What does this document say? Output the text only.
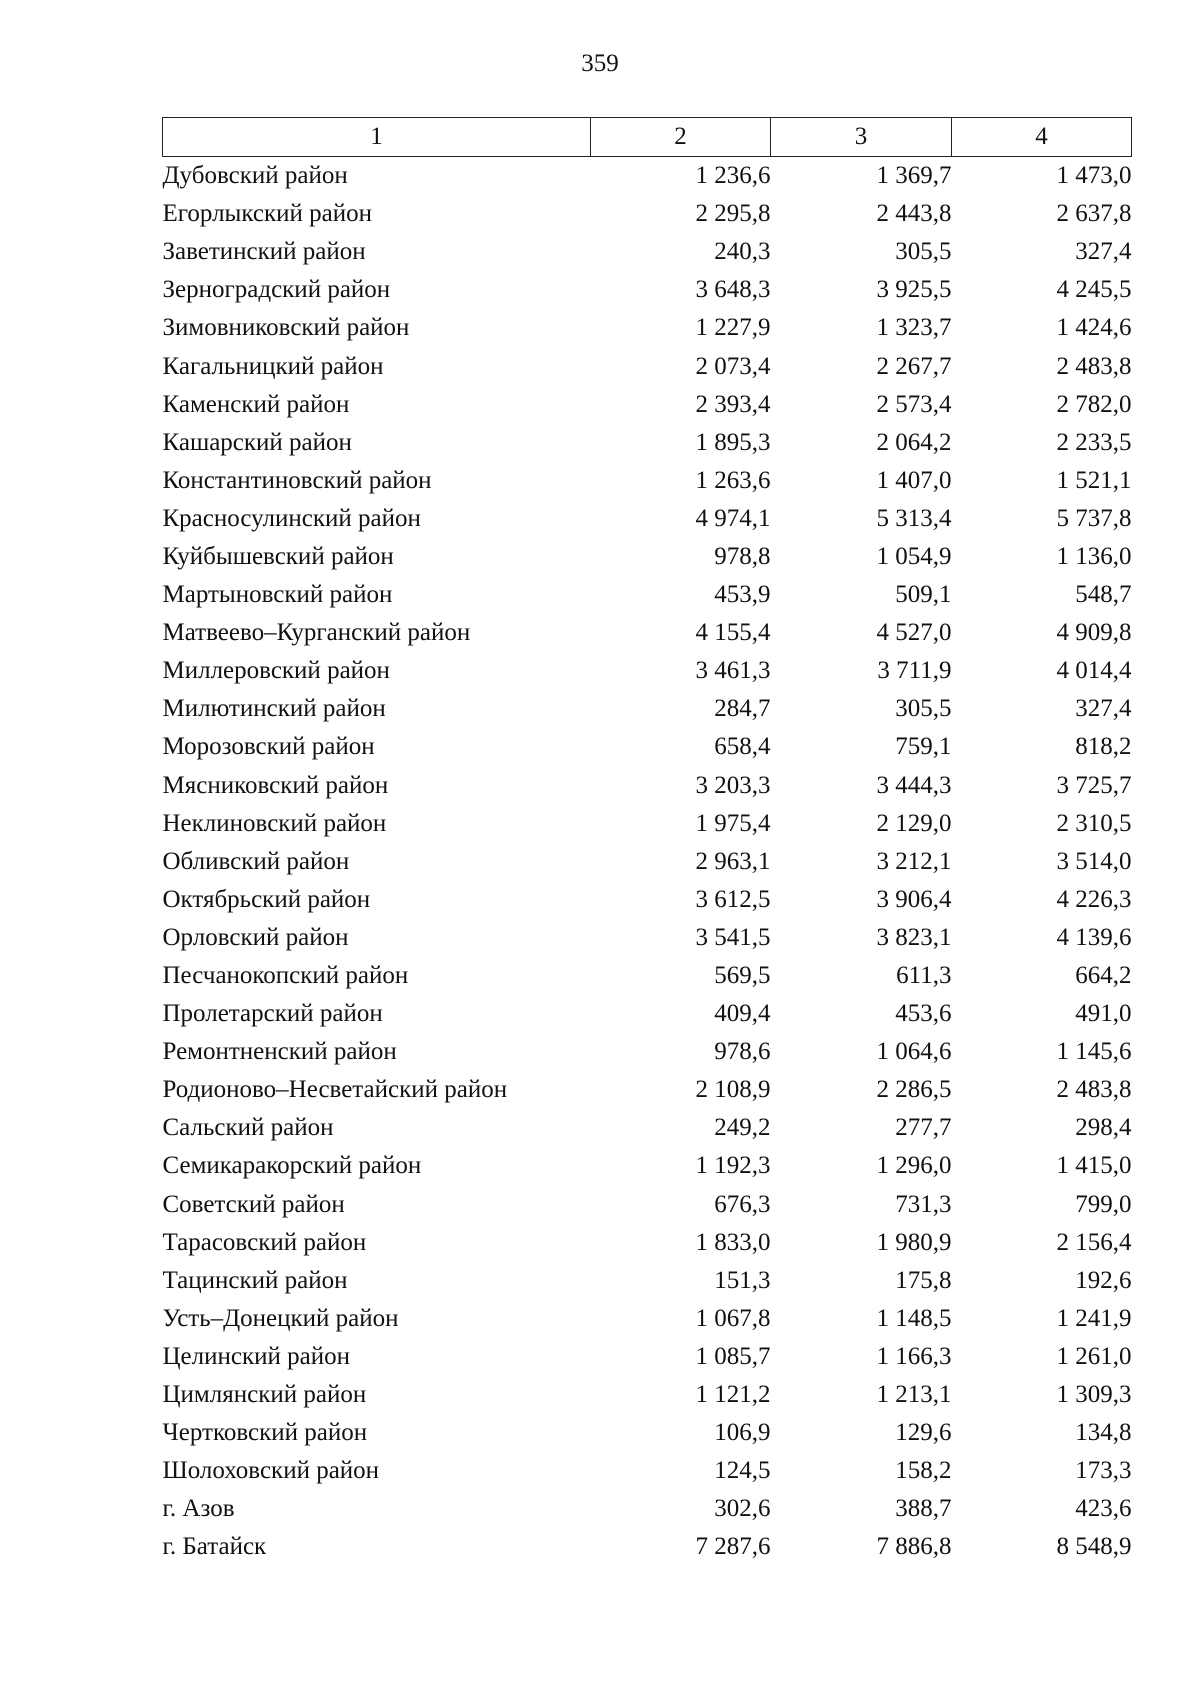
359
1	2	3	4
Дубовский район	1 236,6	1 369,7	1 473,0
Егорлыкский район	2 295,8	2 443,8	2 637,8
Заветинский район	240,3	305,5	327,4
Зерноградский район	3 648,3	3 925,5	4 245,5
Зимовниковский район	1 227,9	1 323,7	1 424,6
Кагальницкий район	2 073,4	2 267,7	2 483,8
Каменский район	2 393,4	2 573,4	2 782,0
Кашарский район	1 895,3	2 064,2	2 233,5
Константиновский район	1 263,6	1 407,0	1 521,1
Красносулинский район	4 974,1	5 313,4	5 737,8
Куйбышевский район	978,8	1 054,9	1 136,0
Мартыновский район	453,9	509,1	548,7
Матвеево–Курганский район	4 155,4	4 527,0	4 909,8
Миллеровский район	3 461,3	3 711,9	4 014,4
Милютинский район	284,7	305,5	327,4
Морозовский район	658,4	759,1	818,2
Мясниковский район	3 203,3	3 444,3	3 725,7
Неклиновский район	1 975,4	2 129,0	2 310,5
Обливский район	2 963,1	3 212,1	3 514,0
Октябрьский район	3 612,5	3 906,4	4 226,3
Орловский район	3 541,5	3 823,1	4 139,6
Песчанокопский район	569,5	611,3	664,2
Пролетарский район	409,4	453,6	491,0
Ремонтненский район	978,6	1 064,6	1 145,6
Родионово–Несветайский район	2 108,9	2 286,5	2 483,8
Сальский район	249,2	277,7	298,4
Семикаракорский район	1 192,3	1 296,0	1 415,0
Советский район	676,3	731,3	799,0
Тарасовский район	1 833,0	1 980,9	2 156,4
Тацинский район	151,3	175,8	192,6
Усть–Донецкий район	1 067,8	1 148,5	1 241,9
Целинский район	1 085,7	1 166,3	1 261,0
Цимлянский район	1 121,2	1 213,1	1 309,3
Чертковский район	106,9	129,6	134,8
Шолоховский район	124,5	158,2	173,3
г. Азов	302,6	388,7	423,6
г. Батайск	7 287,6	7 886,8	8 548,9
